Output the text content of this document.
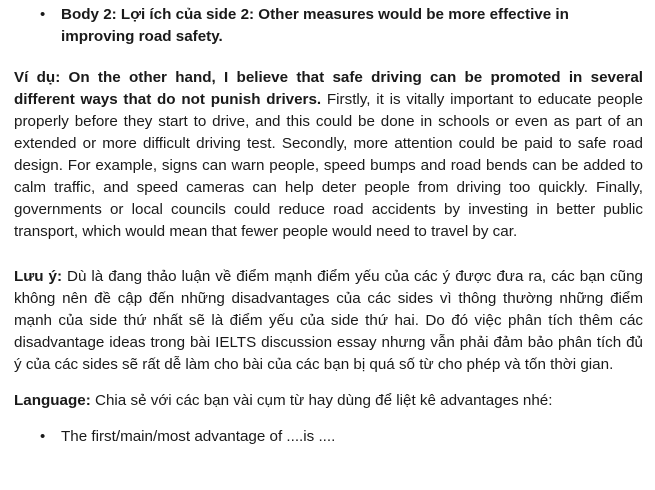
•	Body 2: Lợi ích của side 2: Other measures would be more effective in improving road safety.

Ví dụ: On the other hand, I believe that safe driving can be promoted in several different ways that do not punish drivers. Firstly, it is vitally important to educate people properly before they start to drive, and this could be done in schools or even as part of an extended or more difficult driving test. Secondly, more attention could be paid to safe road design. For example, signs can warn people, speed bumps and road bends can be added to calm traffic, and speed cameras can help deter people from driving too quickly. Finally, governments or local councils could reduce road accidents by investing in better public transport, which would mean that fewer people would need to travel by car.

Lưu ý: Dù là đang thảo luận về điểm mạnh điểm yếu của các ý được đưa ra, các bạn cũng không nên đề cập đến những disadvantages của các sides vì thông thường những điểm mạnh của side thứ nhất sẽ là điểm yếu của side thứ hai. Do đó việc phân tích thêm các disadvantage ideas trong bài IELTS discussion essay nhưng vẫn phải đảm bảo phân tích đủ ý của các sides sẽ rất dễ làm cho bài của các bạn bị quá số từ cho phép và tốn thời gian.

Language: Chia sẻ với các bạn vài cụm từ hay dùng để liệt kê advantages nhé:

•	The first/main/most advantage of ....is ....
